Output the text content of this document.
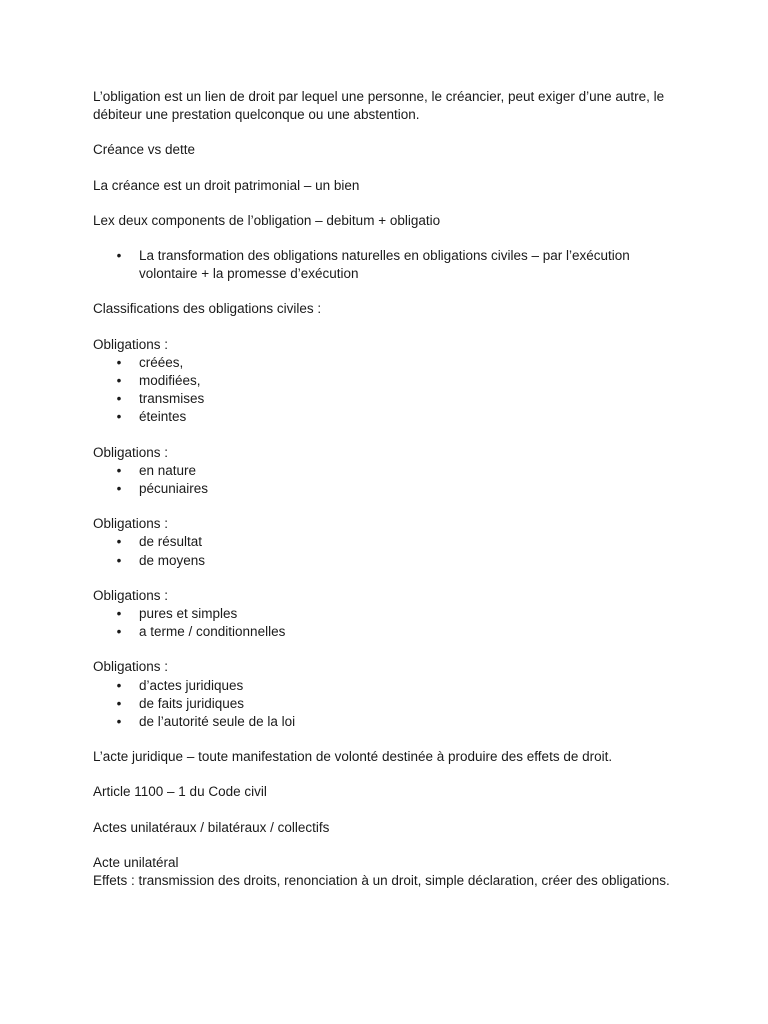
L’obligation est un lien de droit par lequel une personne, le créancier, peut exiger d’une autre, le débiteur une prestation quelconque ou une abstention.

Créance vs dette

La créance est un droit patrimonial – un bien

Lex deux components de l’obligation – debitum + obligatio

• La transformation des obligations naturelles en obligations civiles – par l’exécution volontaire + la promesse d’exécution

Classifications des obligations civiles :

Obligations :

• créées,
• modifiées,
• transmises
• éteintes

Obligations :

• en nature
• pécuniaires

Obligations :

• de résultat
• de moyens

Obligations :

• pures et simples
• a terme / conditionnelles

Obligations :

• d’actes juridiques
• de faits juridiques
• de l’autorité seule de la loi

L’acte juridique – toute manifestation de volonté destinée à produire des effets de droit.

Article 1100 – 1 du Code civil

Actes unilatéraux / bilatéraux / collectifs

Acte unilatéral

Effets : transmission des droits, renonciation à un droit, simple déclaration, créer des obligations.
